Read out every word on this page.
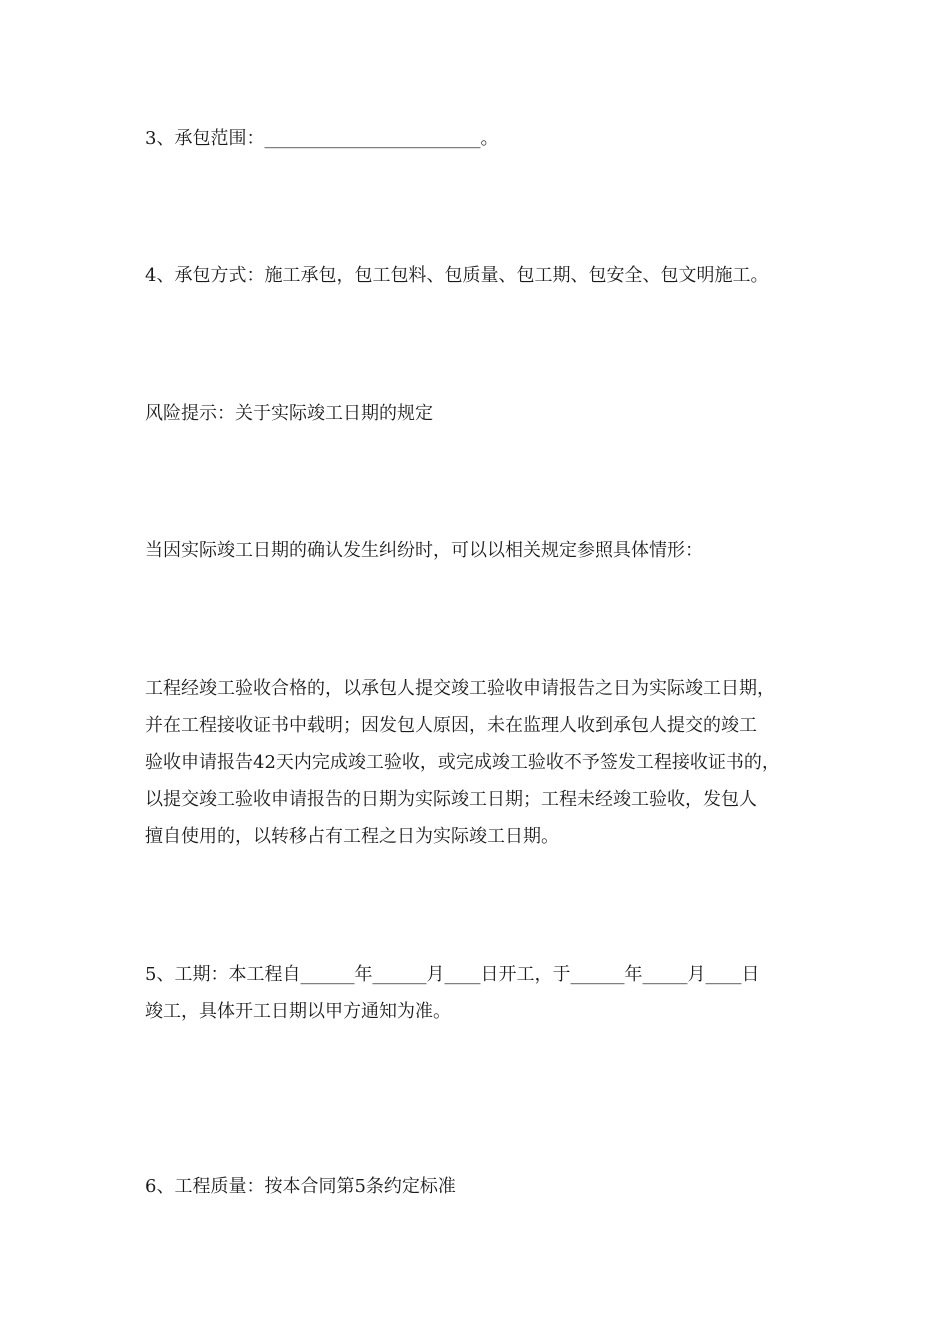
3、承包范围：________________________。
4、承包方式：施工承包，包工包料、包质量、包工期、包安全、包文明施工。
风险提示：关于实际竣工日期的规定
当因实际竣工日期的确认发生纠纷时，可以以相关规定参照具体情形：
工程经竣工验收合格的，以承包人提交竣工验收申请报告之日为实际竣工日期，
并在工程接收证书中载明；因发包人原因，未在监理人收到承包人提交的竣工
验收申请报告42天内完成竣工验收，或完成竣工验收不予签发工程接收证书的，
以提交竣工验收申请报告的日期为实际竣工日期；工程未经竣工验收，发包人
擅自使用的，以转移占有工程之日为实际竣工日期。
5、工期：本工程自______年______月____日开工，于______年_____月____日
竣工，具体开工日期以甲方通知为准。
6、工程质量：按本合同第5条约定标准
